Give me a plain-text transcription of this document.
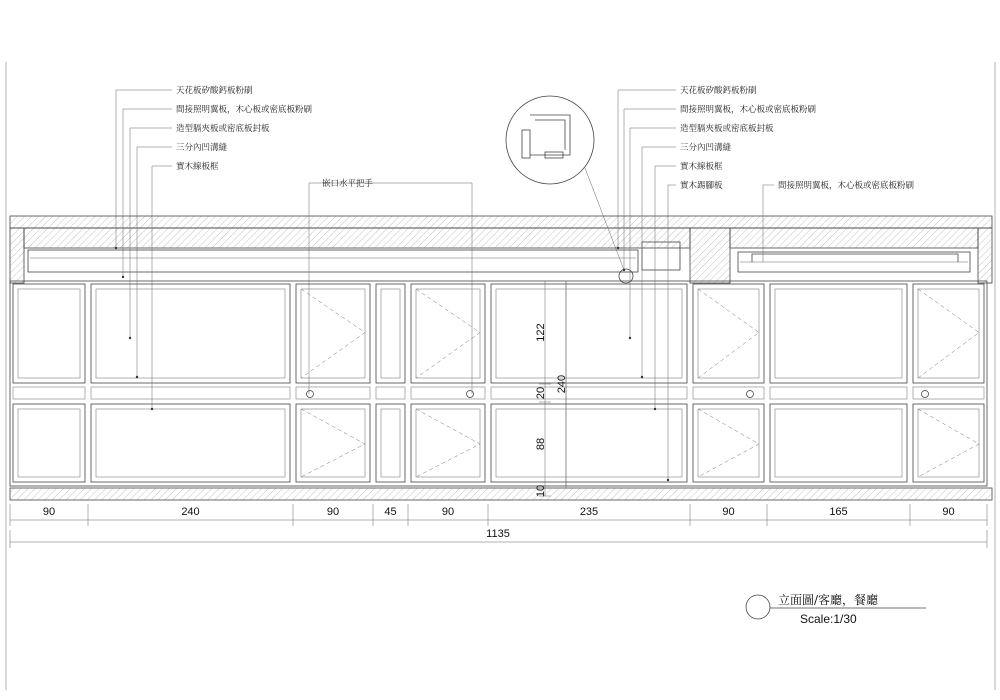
天花板矽酸鈣板粉刷
間接照明翼板，木心板或密底板粉刷
造型膈夾板或密底板封板
三分內凹溝縫
實木線板框
天花板矽酸鈣板粉刷
間接照明翼板，木心板或密底板粉刷
造型膈夾板或密底板封板
三分內凹溝縫
實木線板框
實木踢腳板
嵌口水平把手	間接照明翼板，木心板或密底板粉刷
90	240	90	45	90	235	90	165	90
1135
122
20
88
10
240
立面圖/客廳，餐廳
Scale:1/30
